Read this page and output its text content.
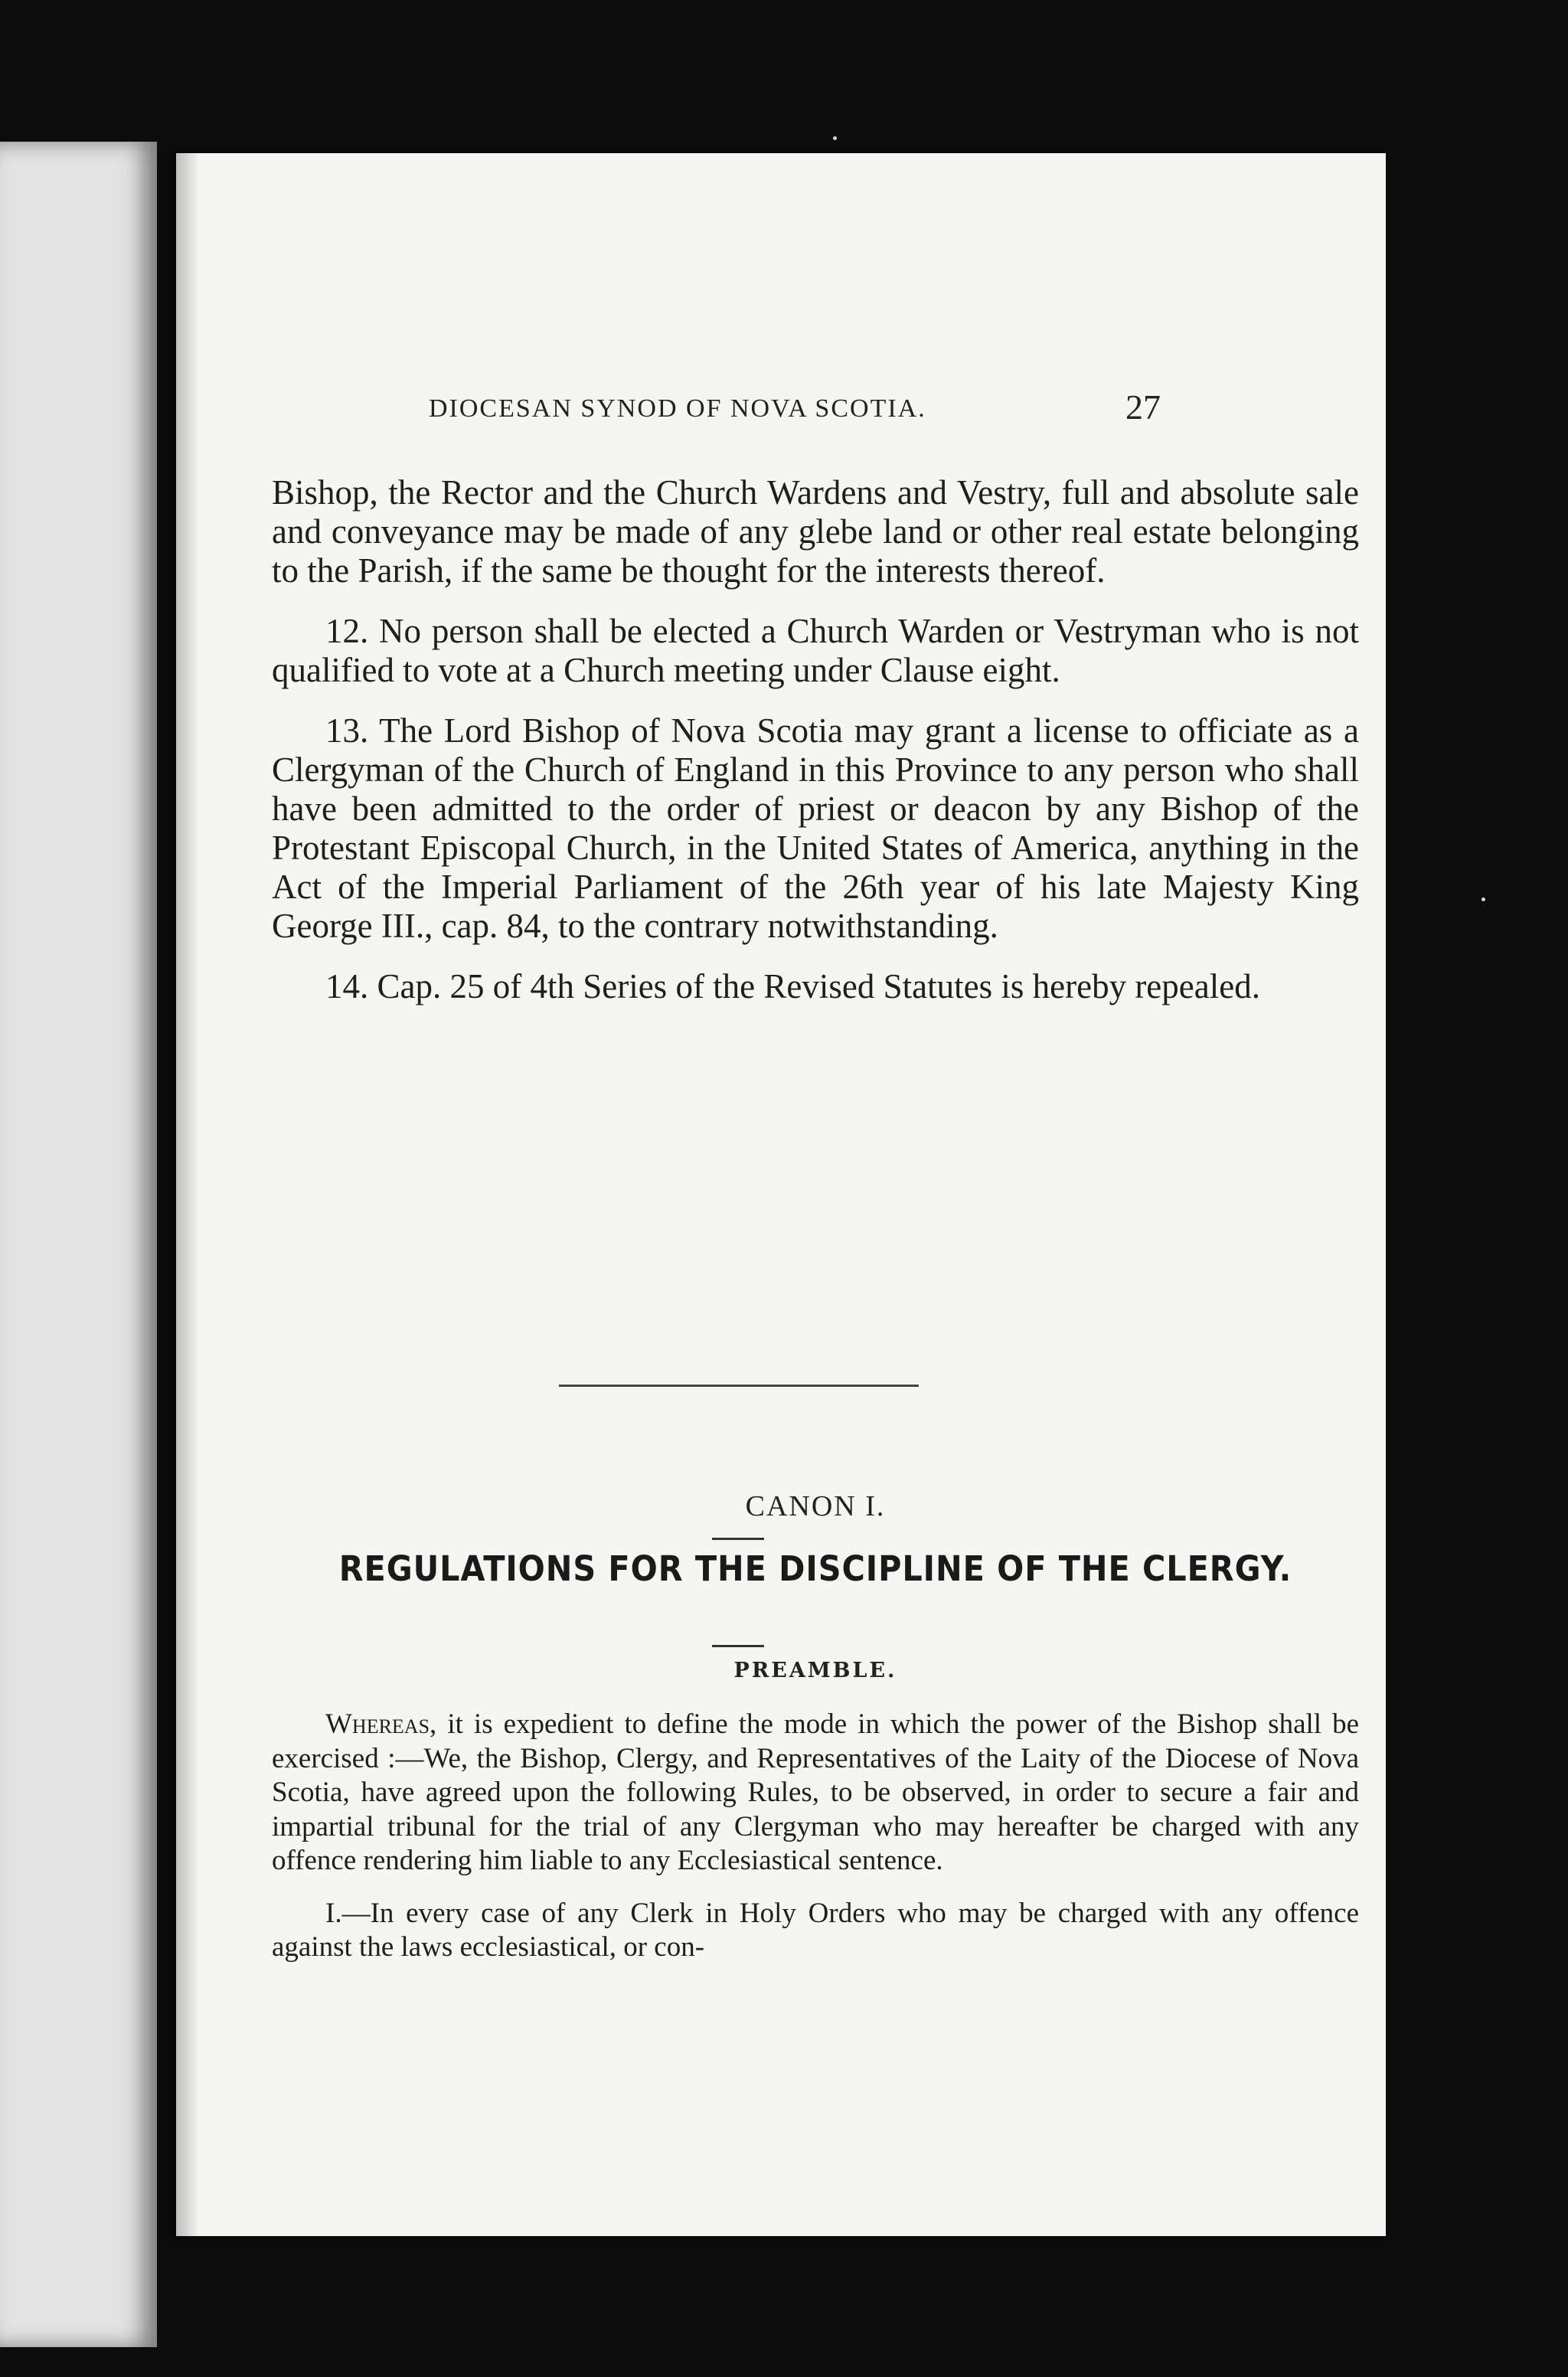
DIOCESAN SYNOD OF NOVA SCOTIA.	27

Bishop, the Rector and the Church Wardens and Vestry, full and absolute sale and conveyance may be made of any glebe land or other real estate belonging to the Parish, if the same be thought for the interests thereof.

12. No person shall be elected a Church Warden or Vestryman who is not qualified to vote at a Church meeting under Clause eight.

13. The Lord Bishop of Nova Scotia may grant a license to officiate as a Clergyman of the Church of England in this Province to any person who shall have been admitted to the order of priest or deacon by any Bishop of the Protestant Episcopal Church, in the United States of America, anything in the Act of the Imperial Parliament of the 26th year of his late Majesty King George III., cap. 84, to the contrary notwithstanding.

14. Cap. 25 of 4th Series of the Revised Statutes is hereby repealed.

CANON I.
REGULATIONS FOR THE DISCIPLINE OF THE CLERGY.
PREAMBLE.

Whereas, it is expedient to define the mode in which the power of the Bishop shall be exercised :—We, the Bishop, Clergy, and Representatives of the Laity of the Diocese of Nova Scotia, have agreed upon the following Rules, to be observed, in order to secure a fair and impartial tribunal for the trial of any Clergyman who may hereafter be charged with any offence rendering him liable to any Ecclesiastical sentence.

I.—In every case of any Clerk in Holy Orders who may be charged with any offence against the laws ecclesiastical, or con-
